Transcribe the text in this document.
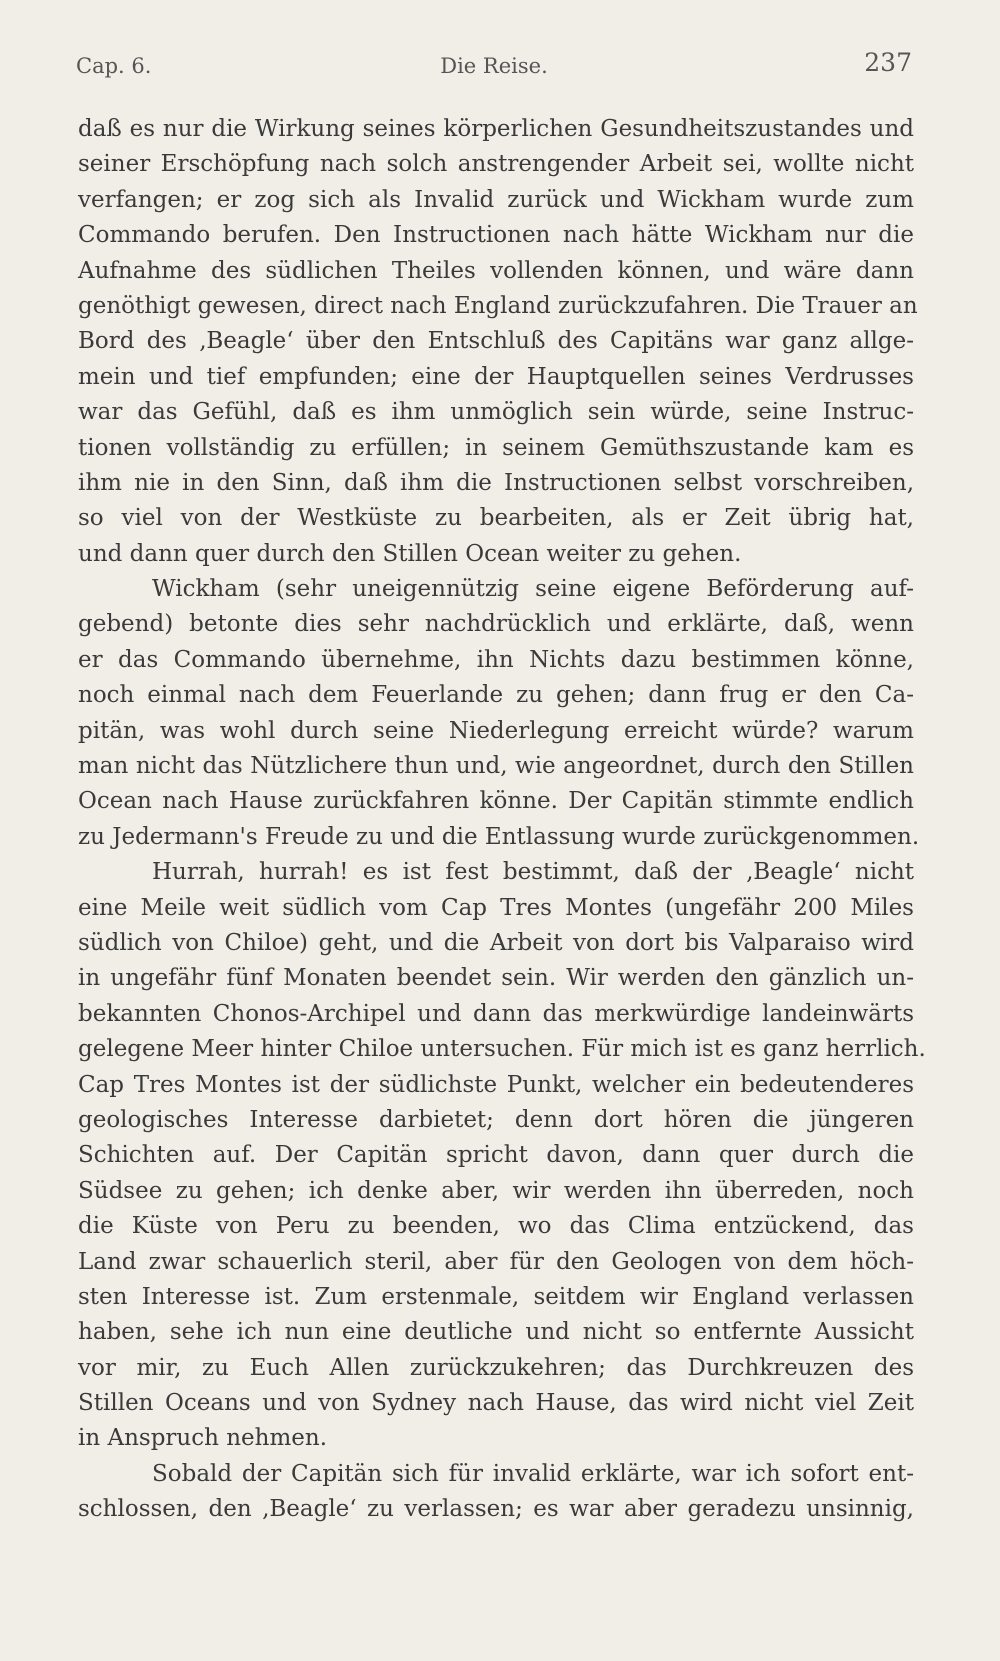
Cap. 6.	Die Reise.	237
daß es nur die Wirkung seines körperlichen Gesundheitszustandes und
seiner Erschöpfung nach solch anstrengender Arbeit sei, wollte nicht
verfangen; er zog sich als Invalid zurück und Wickham wurde zum
Commando berufen. Den Instructionen nach hätte Wickham nur die
Aufnahme des südlichen Theiles vollenden können, und wäre dann
genöthigt gewesen, direct nach England zurückzufahren. Die Trauer an
Bord des ‚Beagle‘ über den Entschluß des Capitäns war ganz allge-
mein und tief empfunden; eine der Hauptquellen seines Verdrusses
war das Gefühl, daß es ihm unmöglich sein würde, seine Instruc-
tionen vollständig zu erfüllen; in seinem Gemüthszustande kam es
ihm nie in den Sinn, daß ihm die Instructionen selbst vorschreiben,
so viel von der Westküste zu bearbeiten, als er Zeit übrig hat,
und dann quer durch den Stillen Ocean weiter zu gehen.
Wickham (sehr uneigennützig seine eigene Beförderung auf-
gebend) betonte dies sehr nachdrücklich und erklärte, daß, wenn
er das Commando übernehme, ihn Nichts dazu bestimmen könne,
noch einmal nach dem Feuerlande zu gehen; dann frug er den Ca-
pitän, was wohl durch seine Niederlegung erreicht würde? warum
man nicht das Nützlichere thun und, wie angeordnet, durch den Stillen
Ocean nach Hause zurückfahren könne. Der Capitän stimmte endlich
zu Jedermann's Freude zu und die Entlassung wurde zurückgenommen.
Hurrah, hurrah! es ist fest bestimmt, daß der ‚Beagle‘ nicht
eine Meile weit südlich vom Cap Tres Montes (ungefähr 200 Miles
südlich von Chiloe) geht, und die Arbeit von dort bis Valparaiso wird
in ungefähr fünf Monaten beendet sein. Wir werden den gänzlich un-
bekannten Chonos-Archipel und dann das merkwürdige landeinwärts
gelegene Meer hinter Chiloe untersuchen. Für mich ist es ganz herrlich.
Cap Tres Montes ist der südlichste Punkt, welcher ein bedeutenderes
geologisches Interesse darbietet; denn dort hören die jüngeren
Schichten auf. Der Capitän spricht davon, dann quer durch die
Südsee zu gehen; ich denke aber, wir werden ihn überreden, noch
die Küste von Peru zu beenden, wo das Clima entzückend, das
Land zwar schauerlich steril, aber für den Geologen von dem höch-
sten Interesse ist. Zum erstenmale, seitdem wir England verlassen
haben, sehe ich nun eine deutliche und nicht so entfernte Aussicht
vor mir, zu Euch Allen zurückzukehren; das Durchkreuzen des
Stillen Oceans und von Sydney nach Hause, das wird nicht viel Zeit
in Anspruch nehmen.
Sobald der Capitän sich für invalid erklärte, war ich sofort ent-
schlossen, den ‚Beagle‘ zu verlassen; es war aber geradezu unsinnig,
